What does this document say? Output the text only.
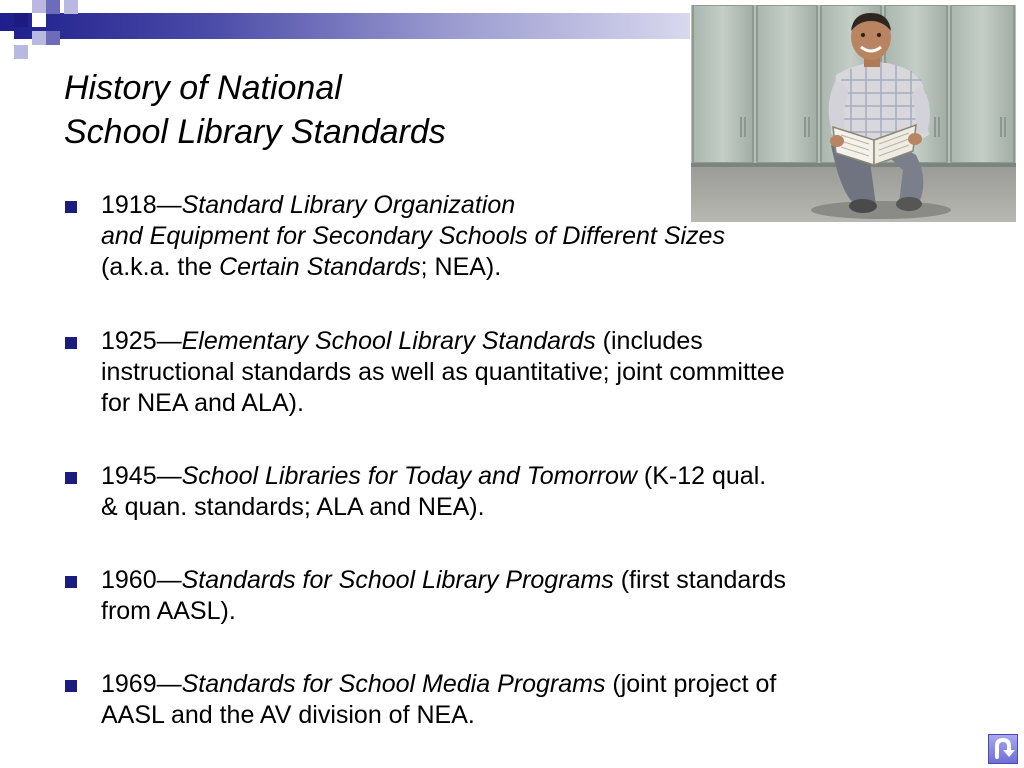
History of National
School Library Standards
1918—Standard Library Organization
and Equipment for Secondary Schools of Different Sizes
(a.k.a. the Certain Standards; NEA).
1925—Elementary School Library Standards (includes
instructional standards as well as quantitative; joint committee
for NEA and ALA).
1945—School Libraries for Today and Tomorrow (K-12 qual.
& quan. standards; ALA and NEA).
1960—Standards for School Library Programs (first standards
from AASL).
1969—Standards for School Media Programs (joint project of
AASL and the AV division of NEA.
